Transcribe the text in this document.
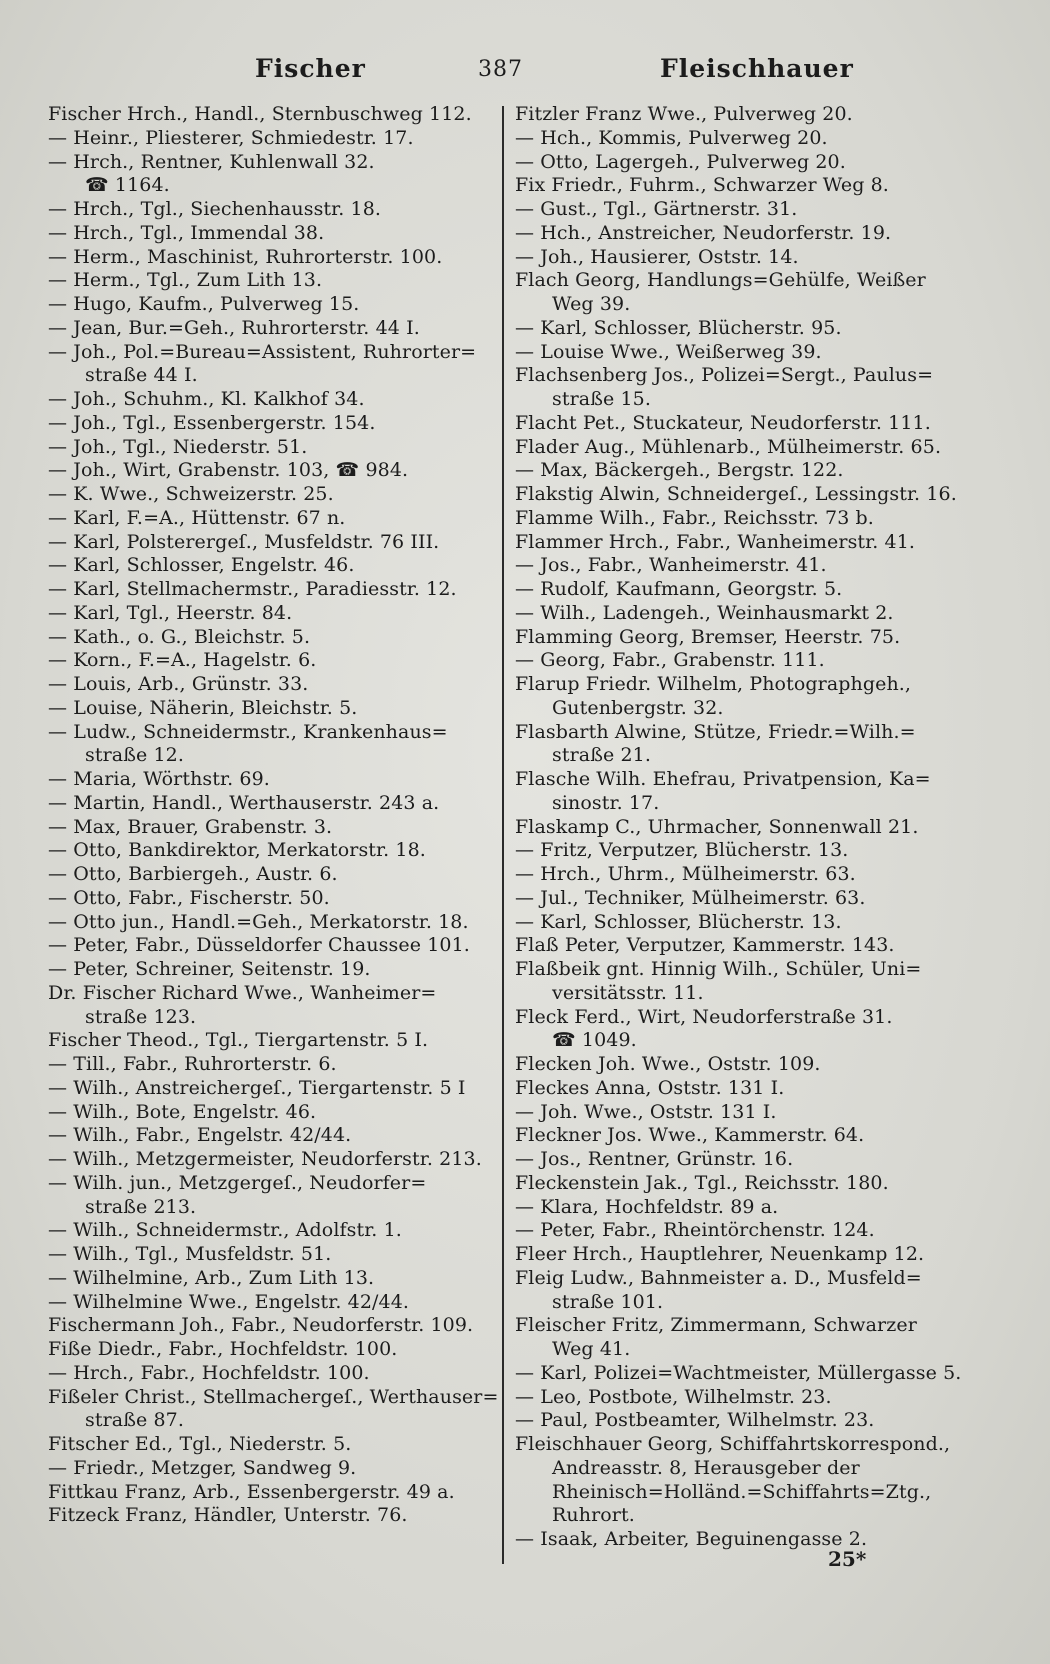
Fischer	387	Fleischhauer
Fischer Hrch., Handl., Sternbuschweg 112.
— Heinr., Pliesterer, Schmiedestr. 17.
— Hrch., Rentner, Kuhlenwall 32.
☎ 1164.
— Hrch., Tgl., Siechenhausstr. 18.
— Hrch., Tgl., Immendal 38.
— Herm., Maschinist, Ruhrorterstr. 100.
— Herm., Tgl., Zum Lith 13.
— Hugo, Kaufm., Pulverweg 15.
— Jean, Bur.=Geh., Ruhrorterstr. 44 I.
— Joh., Pol.=Bureau=Assistent, Ruhrorter=
straße 44 I.
— Joh., Schuhm., Kl. Kalkhof 34.
— Joh., Tgl., Essenbergerstr. 154.
— Joh., Tgl., Niederstr. 51.
— Joh., Wirt, Grabenstr. 103, ☎ 984.
— K. Wwe., Schweizerstr. 25.
— Karl, F.=A., Hüttenstr. 67 n.
— Karl, Polsterergeſ., Musfeldstr. 76 III.
— Karl, Schlosser, Engelstr. 46.
— Karl, Stellmachermstr., Paradiesstr. 12.
— Karl, Tgl., Heerstr. 84.
— Kath., o. G., Bleichstr. 5.
— Korn., F.=A., Hagelstr. 6.
— Louis, Arb., Grünstr. 33.
— Louise, Näherin, Bleichstr. 5.
— Ludw., Schneidermstr., Krankenhaus=
straße 12.
— Maria, Wörthstr. 69.
— Martin, Handl., Werthauserstr. 243 a.
— Max, Brauer, Grabenstr. 3.
— Otto, Bankdirektor, Merkatorstr. 18.
— Otto, Barbiergeh., Austr. 6.
— Otto, Fabr., Fischerstr. 50.
— Otto jun., Handl.=Geh., Merkatorstr. 18.
— Peter, Fabr., Düsseldorfer Chaussee 101.
— Peter, Schreiner, Seitenstr. 19.
Dr. Fischer Richard Wwe., Wanheimer=
straße 123.
Fischer Theod., Tgl., Tiergartenstr. 5 I.
— Till., Fabr., Ruhrorterstr. 6.
— Wilh., Anstreichergeſ., Tiergartenstr. 5 I
— Wilh., Bote, Engelstr. 46.
— Wilh., Fabr., Engelstr. 42/44.
— Wilh., Metzgermeister, Neudorferstr. 213.
— Wilh. jun., Metzgergeſ., Neudorfer=
straße 213.
— Wilh., Schneidermstr., Adolfstr. 1.
— Wilh., Tgl., Musfeldstr. 51.
— Wilhelmine, Arb., Zum Lith 13.
— Wilhelmine Wwe., Engelstr. 42/44.
Fischermann Joh., Fabr., Neudorferstr. 109.
Fiße Diedr., Fabr., Hochfeldstr. 100.
— Hrch., Fabr., Hochfeldstr. 100.
Fißeler Christ., Stellmachergeſ., Werthauser=
straße 87.
Fitscher Ed., Tgl., Niederstr. 5.
— Friedr., Metzger, Sandweg 9.
Fittkau Franz, Arb., Essenbergerstr. 49 a.
Fitzeck Franz, Händler, Unterstr. 76.
Fitzler Franz Wwe., Pulverweg 20.
— Hch., Kommis, Pulverweg 20.
— Otto, Lagergeh., Pulverweg 20.
Fix Friedr., Fuhrm., Schwarzer Weg 8.
— Gust., Tgl., Gärtnerstr. 31.
— Hch., Anstreicher, Neudorferstr. 19.
— Joh., Hausierer, Oststr. 14.
Flach Georg, Handlungs=Gehülfe, Weißer
Weg 39.
— Karl, Schlosser, Blücherstr. 95.
— Louise Wwe., Weißerweg 39.
Flachsenberg Jos., Polizei=Sergt., Paulus=
straße 15.
Flacht Pet., Stuckateur, Neudorferstr. 111.
Flader Aug., Mühlenarb., Mülheimerstr. 65.
— Max, Bäckergeh., Bergstr. 122.
Flakstig Alwin, Schneidergeſ., Lessingstr. 16.
Flamme Wilh., Fabr., Reichsstr. 73 b.
Flammer Hrch., Fabr., Wanheimerstr. 41.
— Jos., Fabr., Wanheimerstr. 41.
— Rudolf, Kaufmann, Georgstr. 5.
— Wilh., Ladengeh., Weinhausmarkt 2.
Flamming Georg, Bremser, Heerstr. 75.
— Georg, Fabr., Grabenstr. 111.
Flarup Friedr. Wilhelm, Photographgeh.,
Gutenbergstr. 32.
Flasbarth Alwine, Stütze, Friedr.=Wilh.=
straße 21.
Flasche Wilh. Ehefrau, Privatpension, Ka=
sinostr. 17.
Flaskamp C., Uhrmacher, Sonnenwall 21.
— Fritz, Verputzer, Blücherstr. 13.
— Hrch., Uhrm., Mülheimerstr. 63.
— Jul., Techniker, Mülheimerstr. 63.
— Karl, Schlosser, Blücherstr. 13.
Flaß Peter, Verputzer, Kammerstr. 143.
Flaßbeik gnt. Hinnig Wilh., Schüler, Uni=
versitätsstr. 11.
Fleck Ferd., Wirt, Neudorferstraße 31.
☎ 1049.
Flecken Joh. Wwe., Oststr. 109.
Fleckes Anna, Oststr. 131 I.
— Joh. Wwe., Oststr. 131 I.
Fleckner Jos. Wwe., Kammerstr. 64.
— Jos., Rentner, Grünstr. 16.
Fleckenstein Jak., Tgl., Reichsstr. 180.
— Klara, Hochfeldstr. 89 a.
— Peter, Fabr., Rheintörchenstr. 124.
Fleer Hrch., Hauptlehrer, Neuenkamp 12.
Fleig Ludw., Bahnmeister a. D., Musfeld=
straße 101.
Fleischer Fritz, Zimmermann, Schwarzer
Weg 41.
— Karl, Polizei=Wachtmeister, Müllergasse 5.
— Leo, Postbote, Wilhelmstr. 23.
— Paul, Postbeamter, Wilhelmstr. 23.
Fleischhauer Georg, Schiffahrtskorrespond.,
Andreasstr. 8, Herausgeber der
Rheinisch=Holländ.=Schiffahrts=Ztg.,
Ruhrort.
— Isaak, Arbeiter, Beguinengasse 2.
25*
